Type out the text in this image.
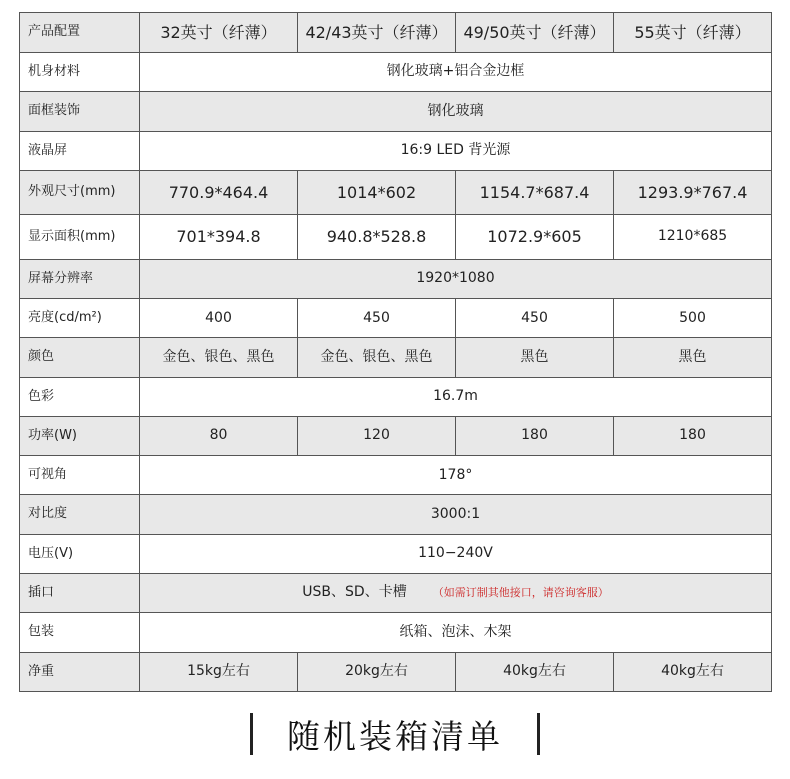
产品配置	32英寸（纤薄）	42/43英寸（纤薄）	49/50英寸（纤薄）	55英寸（纤薄）
机身材料	钢化玻璃+铝合金边框			
面框装饰	钢化玻璃			
液晶屏	16:9 LED 背光源			
外观尺寸(mm)	770.9*464.4	1014*602	1154.7*687.4	1293.9*767.4
显示面积(mm)	701*394.8	940.8*528.8	1072.9*605	1210*685
屏幕分辨率	1920*1080			
亮度(cd/m²)	400	450	450	500
颜色	金色、银色、黑色	金色、银色、黑色	黑色	黑色
色彩	16.7m			
功率(W)	80	120	180	180
可视角	178°			
对比度	3000:1			
电压(V)	110−240V			
插口	USB、SD、卡槽 （如需订制其他接口，请咨询客服）			
包装	纸箱、泡沫、木架			
净重	15kg左右	20kg左右	40kg左右	40kg左右
随机装箱清单
